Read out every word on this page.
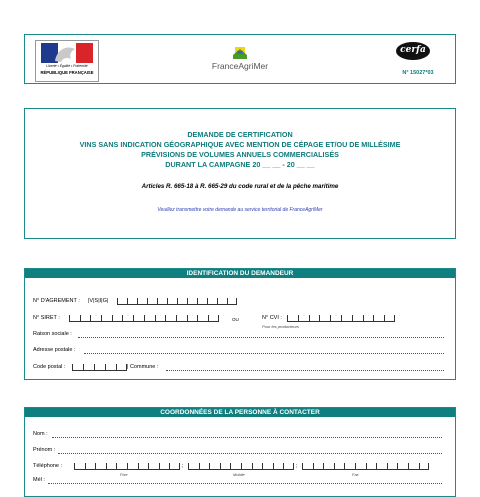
Liberté • Égalité • Fraternité
RÉPUBLIQUE FRANÇAISE
FranceAgriMer
cerfa
N° 15027*03
DEMANDE DE CERTIFICATION
VINS SANS INDICATION GÉOGRAPHIQUE AVEC MENTION DE CÉPAGE ET/OU DE MILLÉSIME
PRÉVISIONS DE VOLUMES ANNUELS COMMERCIALISÉS
DURANT LA CAMPAGNE 20 __ __ - 20 __ __
Articles R. 665-18 à R. 665-29 du code rural et de la pêche maritime
Veuillez transmettre votre demande au service territorial de FranceAgriMer
IDENTIFICATION DU DEMANDEUR
N° D'AGREMENT : |V|S|I|G|
N° SIRET :	OU	N° CVI :
Pour les producteurs
Raison sociale :
Adresse postale :
Code postal :	| Commune :
COORDONNÉES DE LA PERSONNE À CONTACTER
Nom :
Prénom :
Téléphone :	;	;
Fixe	Mobile	Fax
Mél :
